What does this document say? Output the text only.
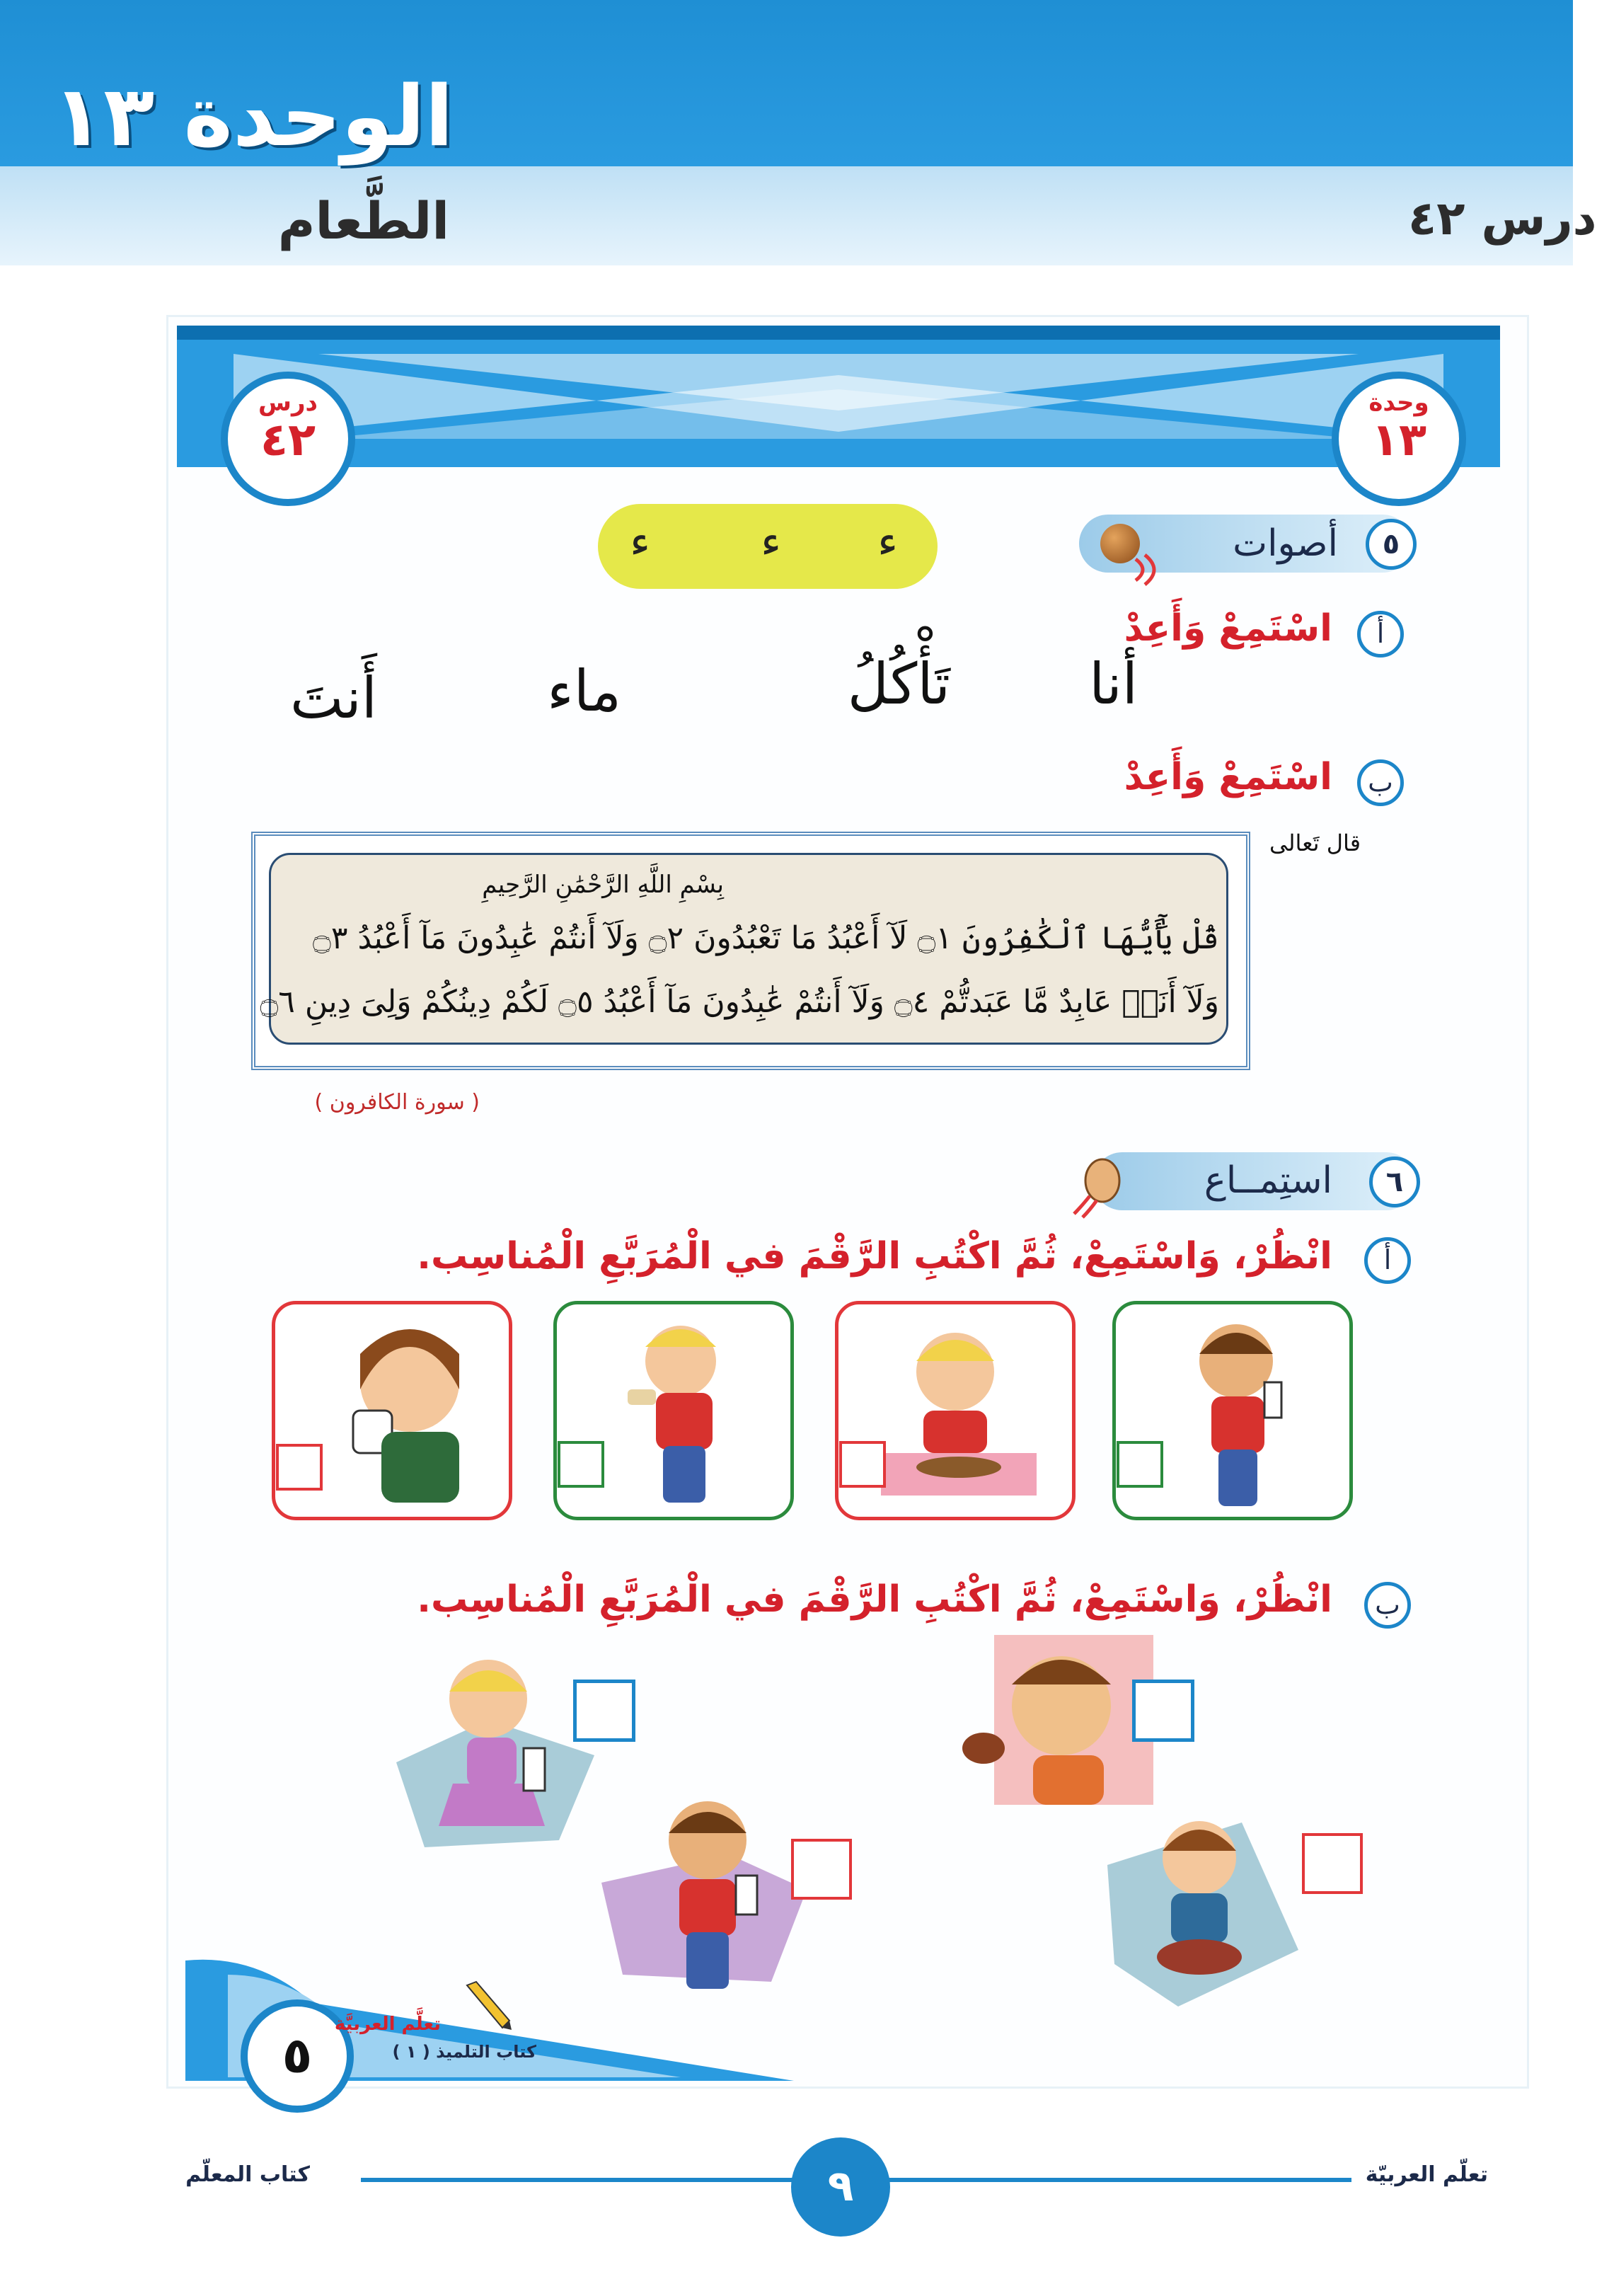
الوحدة ١٣
الطَّعام	درس ٤٢
وحدة
١٣
درس
٤٢
٥
أصوات
ء
ء
ء
أ
اسْتَمِعْ وَأَعِدْ
أنا
تَأْكُلُ
ماء
أَنتَ
ب
اسْتَمِعْ وَأَعِدْ
قال تَعالى
بِسْمِ اللَّهِ الرَّحْمَٰنِ الرَّحِيمِ
قُلْ يَٰٓأَيُّهَا ٱلْكَٰفِرُونَ ۝١ لَآ أَعْبُدُ مَا تَعْبُدُونَ ۝٢ وَلَآ أَنتُمْ عَٰبِدُونَ مَآ أَعْبُدُ ۝٣
وَلَآ أَنَا۠ عَابِدٌ مَّا عَبَدتُّمْ ۝٤ وَلَآ أَنتُمْ عَٰبِدُونَ مَآ أَعْبُدُ ۝٥ لَكُمْ دِينُكُمْ وَلِىَ دِينِ ۝٦
( سورة الكافرون )
٦
استِمــاع
أ
انْظُرْ، وَاسْتَمِعْ، ثُمَّ اكْتُبِ الرَّقْمَ في الْمُرَبَّعِ الْمُناسِب.
ب
انْظُرْ، وَاسْتَمِعْ، ثُمَّ اكْتُبِ الرَّقْمَ في الْمُرَبَّعِ الْمُناسِب.
٥
تعلَّم العربيَّة
كتاب التلميذ ( ١ )
٩	تعلّم العربيّة
كتاب المعلّم
